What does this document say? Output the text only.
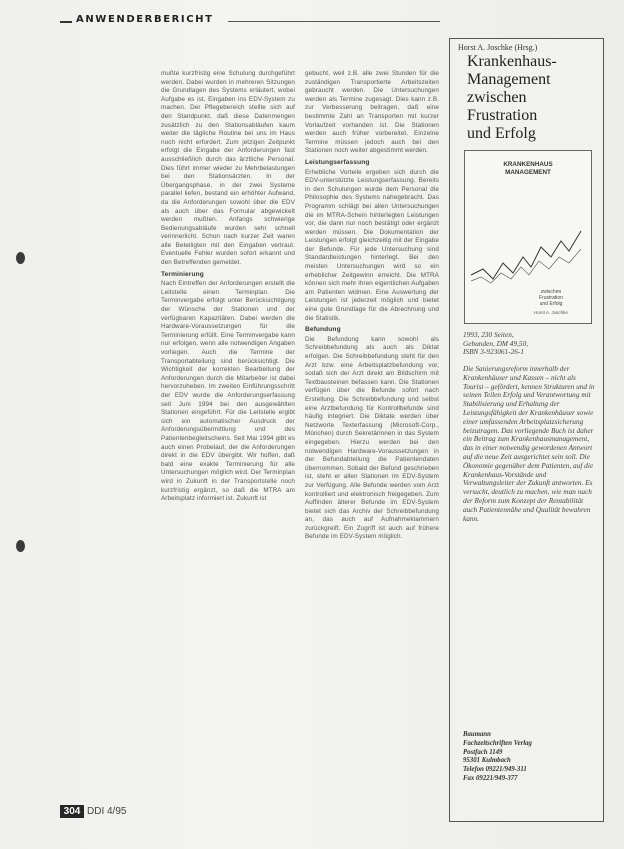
ANWENDERBERICHT

mußte kurzfristig eine Schulung durchgeführt werden. Dabei wurden in mehreren Sitzungen die Grundlagen des Systems erläutert, wobei Aufgabe es ist, Eingaben ins EDV-System zu machen. Der Pflegebereich stellte sich auf den Standpunkt, daß diese Datenmengen zusätzlich zu den Stationsabläufen kaum weiter die tägliche Routine bei uns im Haus noch nicht erfordert. Zum jetzigen Zeitpunkt erfolgt die Eingabe der Anforderungen fast ausschließlich durch das ärztliche Personal. Dies führt immer wieder zu Mehrbelastungen bei den Stationsärzten. In der Übergangsphase, in der zwei Systeme parallel liefen, bestand ein erhöhter Aufwand, da die Anforderungen sowohl über die EDV als auch über das Formular abgewickelt werden mußten. Anfangs schwierige Bedienungsabläufe wurden sehr schnell verinnerlicht. Schon nach kurzer Zeit waren alle Beteiligten mit den Eingaben vertraut. Eventuelle Fehler wurden sofort erkannt und den Betreffenden gemeldet.

Terminierung

Nach Eintreffen der Anforderungen erstellt die Leitstelle einen Terminplan. Die Terminvergabe erfolgt unter Berücksichtigung der Wünsche der Stationen und der verfügbaren Kapazitäten. Dabei werden die Hardware-Voraussetzungen für die Terminierung erfüllt. Eine Terminvergabe kann nur erfolgen, wenn alle notwendigen Angaben vorliegen. Auch die Termine der Transportabteilung sind berücksichtigt. Die Wichtigkeit der korrekten Bearbeitung der Anforderungen durch die Mitarbeiter ist dabei hervorzuheben. Im zweiten Einführungsschritt der EDV wurde die Anforderungserfassung seit Juni 1994 bei den ausgewählten Stationen eingeführt. Für die Leitstelle ergibt sich ein automatischer Ausdruck der Anforderungsübermittlung und des Patientenbegleitscheins. Seit Mai 1994 gibt es auch einen Probelauf, der die Anforderungen direkt in die EDV übergibt. Wir hoffen, daß bald eine exakte Terminierung für alle Untersuchungen möglich wird. Der Terminplan wird in Zukunft in der Transportstelle noch kurzfristig ergänzt, so daß die MTRA am Arbeitsplatz informiert ist. Zukunft ist

gebucht, weil z.B. alle zwei Stunden für die zuständigen Transportierte Arbeitszeiten gebraucht werden. Die Untersuchungen werden als Termine zugesagt. Dies kann z.B. zur Verbesserung beitragen, daß eine bestimmte Zahl an Transporten mit kurzer Vorlaufzeit vorhanden ist. Die Stationen werden auch früher vorbereitet. Einzelne Termine müssen jedoch auch bei den Stationen noch weiter abgestimmt werden.

Leistungserfassung

Erhebliche Vorteile ergeben sich durch die EDV-unterstützte Leistungserfassung. Bereits in den Schulungen wurde dem Personal die Philosophie des Systems nahegebracht. Das Programm schlägt bei allen Untersuchungen die im MTRA-Schein hinterlegten Leistungen vor, die dann nur noch bestätigt oder ergänzt werden müssen. Die Dokumentation der Leistungen erfolgt gleichzeitig mit der Eingabe der Befunde. Für jede Untersuchung sind Standardleistungen hinterlegt. Bei den meisten Untersuchungen wird so ein erheblicher Zeitgewinn erreicht. Die MTRA können sich mehr ihren eigentlichen Aufgaben am Patienten widmen. Eine Auswertung der Leistungen ist jederzeit möglich und bietet eine gute Grundlage für die Abrechnung und die Statistik.

Befundung

Die Befundung kann sowohl als Schreibbefundung als auch als Diktat erfolgen. Die Schreibbefundung steht für den Arzt bzw. eine Arbeitsplatzbefundung vor, sodaß sich der Arzt direkt am Bildschirm mit Textbausteinen befassen kann. Die Stationen verfügen über die Befunde sofort nach Erstellung. Die Schreibbefundung und selbst eine Arztbefundung für Kontrollbefunde sind häufig integriert. Die Diktate werden über Netzworte Texterfassung (Microsoft-Corp., München) durch Sekretärinnen in das System eingegeben. Hierzu werden bei den notwendigen Hardware-Voraussetzungen in der Befundabteilung die Patientendaten übernommen. Sobald der Befund geschrieben ist, steht er allen Stationen im EDV-System zur Verfügung. Alle Befunde werden vom Arzt kontrolliert und elektronisch freigegeben. Zum Auffinden älterer Befunde im EDV-System bietet sich das Archiv der Schreibbefundung an, das auch auf Aufnahmeklammern zurückgreift. Ein Zugriff ist auch auf frühere Befunde im EDV-System möglich.

304 DDI 4/95
Horst A. Joschke (Hrsg.)
Krankenhaus-
Management
zwischen
Frustration
und Erfolg
KRANKENHAUS
MANAGEMENT
zwischen
Frustration
und Erfolg
Horst A. Joschke
1993, 230 Seiten,
Gebunden, DM 49,50,
ISBN 3-923061-26-1
Die Sanierungsreform innerhalb der Krankenhäuser und Kassen – nicht als Tourist – gefördert, kennen Strukturen und in seinen Teilen Erfolg und Verantwortung mit Stabilisierung und Erhaltung der Leistungsfähigkeit der Krankenhäuser sowie einer umfassenden Arbeitsplatzsicherung beizutragen. Das vorliegende Buch ist daher ein Beitrag zum Krankenhausmanagement, das in einer notwendig gewordenen Antwort auf die neue Zeit ausgerichtet sein soll. Die Ökonomie gegenüber dem Patienten, auf die Krankenhaus-Vorstände und Verwaltungsleiter der Zukunft antworten. Es versucht, deutlich zu machen, wie man nach der Reform zum Konzept der Rentabilität auch Patientennähe und Qualität bewahren kann.
Baumann
Fachzeitschriften Verlag
Postfach 1149
95301 Kulmbach
Telefon 09221/949-311
Fax 09221/949-377
